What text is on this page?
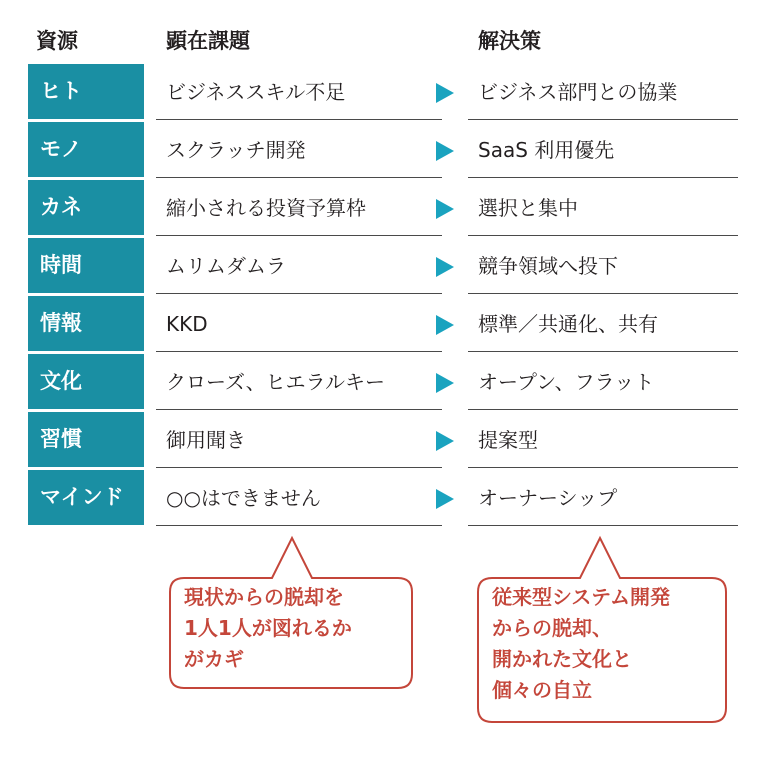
資源	顕在課題	解決策
ヒト	ビジネススキル不足	ビジネス部門との協業
モノ	スクラッチ開発	SaaS 利用優先
カネ	縮小される投資予算枠	選択と集中
時間	ムリムダムラ	競争領域へ投下
情報	KKD	標準／共通化、共有
文化	クローズ、ヒエラルキー	オープン、フラット
習慣	御用聞き	提案型
マインド	○○はできません	オーナーシップ
現状からの脱却を
1人1人が図れるか
がカギ
従来型システム開発
からの脱却、
開かれた文化と
個々の自立
